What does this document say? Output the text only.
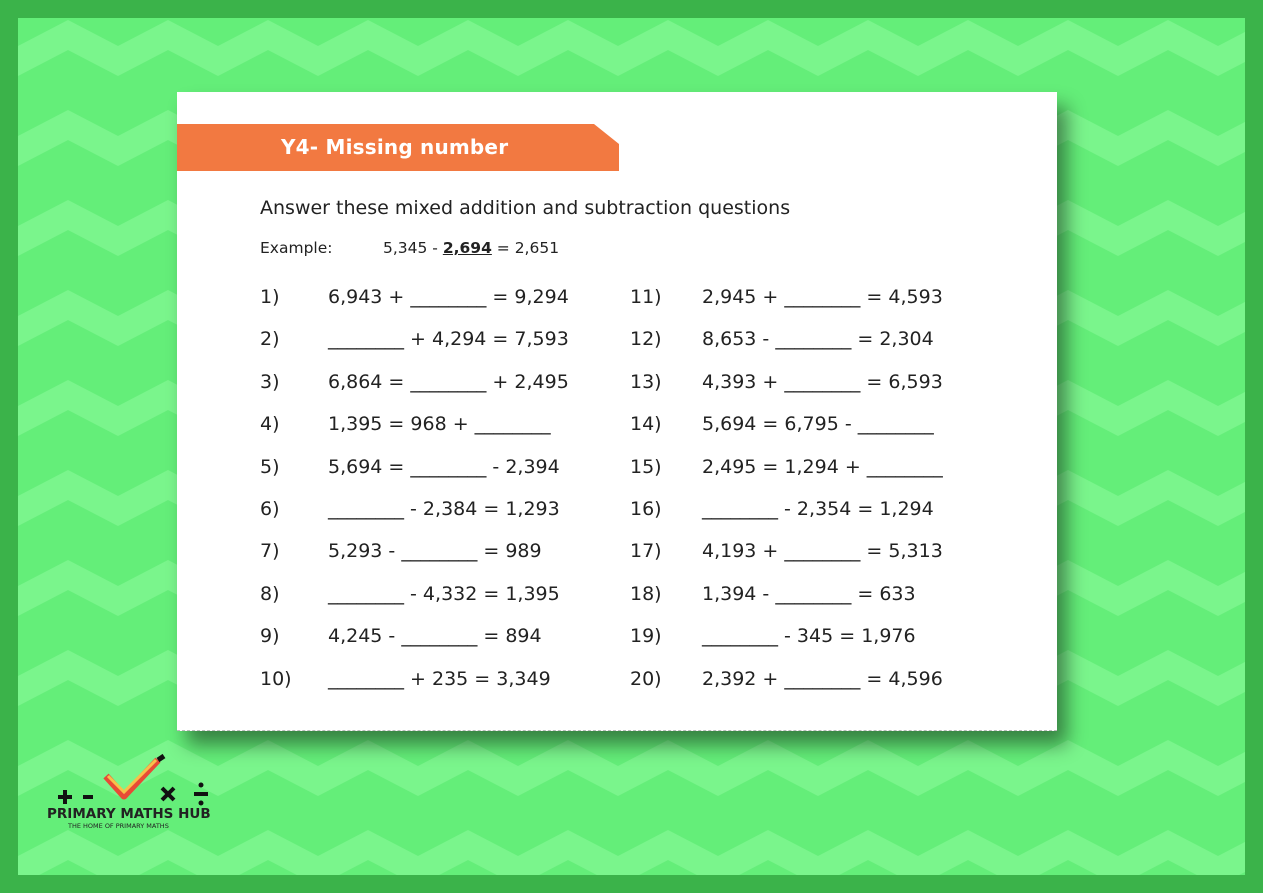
Y4- Missing number
Answer these mixed addition and subtraction questions
Example:	5,345 - 2,694 = 2,651
1)	6,943 + ________ = 9,294
2)	________ + 4,294 = 7,593
3)	6,864 = ________ + 2,495
4)	1,395 = 968 + ________
5)	5,694 = ________ - 2,394
6)	________ - 2,384 = 1,293
7)	5,293 - ________ = 989
8)	________ - 4,332 = 1,395
9)	4,245 - ________ = 894
10) ________ + 235 = 3,349
11) 2,945 + ________ = 4,593
12) 8,653 - ________ = 2,304
13) 4,393 + ________ = 6,593
14) 5,694 = 6,795 - ________
15) 2,495 = 1,294 + ________
16) ________ - 2,354 = 1,294
17) 4,193 + ________ = 5,313
18) 1,394 - ________ = 633
19) ________ - 345 = 1,976
20) 2,392 + ________ = 4,596
PRIMARY MATHS HUB
THE HOME OF PRIMARY MATHS
